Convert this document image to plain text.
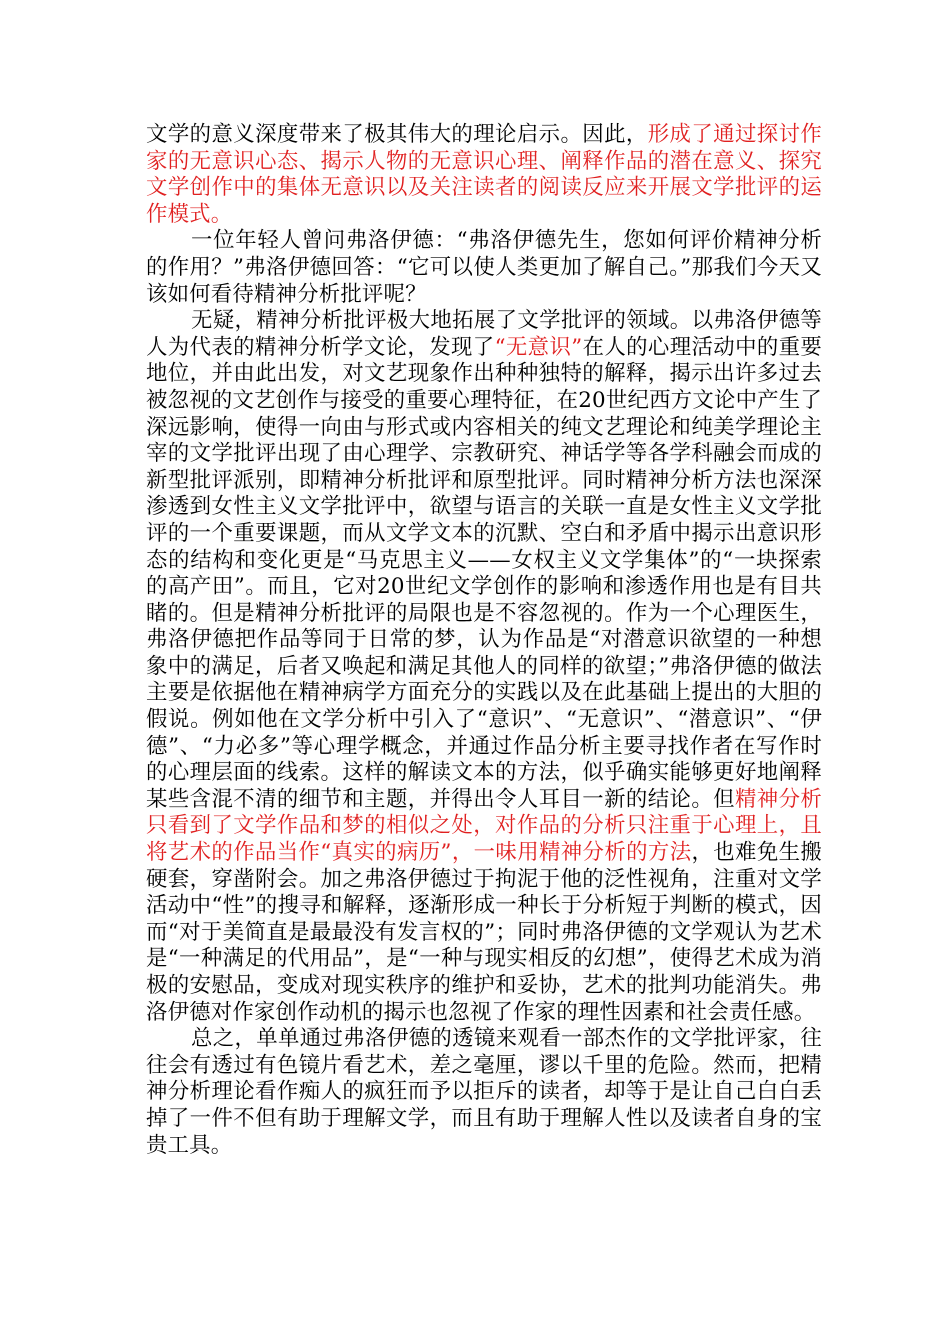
文学的意义深度带来了极其伟大的理论启示。因此，形成了通过探讨作家的无意识心态、揭示人物的无意识心理、阐释作品的潜在意义、探究文学创作中的集体无意识以及关注读者的阅读反应来开展文学批评的运作模式。

一位年轻人曾问弗洛伊德：“弗洛伊德先生，您如何评价精神分析的作用？”弗洛伊德回答：“它可以使人类更加了解自己。”那我们今天又该如何看待精神分析批评呢？

无疑，精神分析批评极大地拓展了文学批评的领域。以弗洛伊德等人为代表的精神分析学文论，发现了“无意识”在人的心理活动中的重要地位，并由此出发，对文艺现象作出种种独特的解释，揭示出许多过去被忽视的文艺创作与接受的重要心理特征，在20世纪西方文论中产生了深远影响，使得一向由与形式或内容相关的纯文艺理论和纯美学理论主宰的文学批评出现了由心理学、宗教研究、神话学等各学科融会而成的新型批评派别，即精神分析批评和原型批评。同时精神分析方法也深深渗透到女性主义文学批评中，欲望与语言的关联一直是女性主义文学批评的一个重要课题，而从文学文本的沉默、空白和矛盾中揭示出意识形态的结构和变化更是“马克思主义——女权主义文学集体”的“一块探索的高产田”。而且，它对20世纪文学创作的影响和渗透作用也是有目共睹的。但是精神分析批评的局限也是不容忽视的。作为一个心理医生，弗洛伊德把作品等同于日常的梦，认为作品是“对潜意识欲望的一种想象中的满足，后者又唤起和满足其他人的同样的欲望；”弗洛伊德的做法主要是依据他在精神病学方面充分的实践以及在此基础上提出的大胆的假说。例如他在文学分析中引入了“意识”、“无意识”、“潜意识”、“伊德”、“力必多”等心理学概念，并通过作品分析主要寻找作者在写作时的心理层面的线索。这样的解读文本的方法，似乎确实能够更好地阐释某些含混不清的细节和主题，并得出令人耳目一新的结论。但精神分析只看到了文学作品和梦的相似之处，对作品的分析只注重于心理上，且将艺术的作品当作“真实的病历”，一味用精神分析的方法，也难免生搬硬套，穿凿附会。加之弗洛伊德过于拘泥于他的泛性视角，注重对文学活动中“性”的搜寻和解释，逐渐形成一种长于分析短于判断的模式，因而“对于美简直是最最没有发言权的”；同时弗洛伊德的文学观认为艺术是“一种满足的代用品”，是“一种与现实相反的幻想”，使得艺术成为消极的安慰品，变成对现实秩序的维护和妥协，艺术的批判功能消失。弗洛伊德对作家创作动机的揭示也忽视了作家的理性因素和社会责任感。

总之，单单通过弗洛伊德的透镜来观看一部杰作的文学批评家，往往会有透过有色镜片看艺术，差之毫厘，谬以千里的危险。然而，把精神分析理论看作痴人的疯狂而予以拒斥的读者，却等于是让自己白白丢掉了一件不但有助于理解文学，而且有助于理解人性以及读者自身的宝贵工具。
